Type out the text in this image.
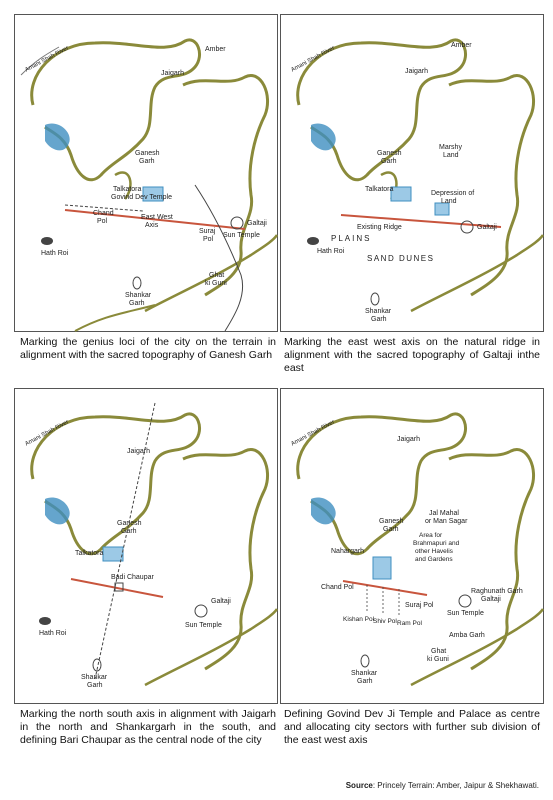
Amani Shah River	Amber
Jaigarh
Ganesh
Garh
Talkatora
Govind Dev Temple
Chand
Pol
East West
Axis
Suraj
Pol
Galtaji
Sun Temple
Hath Roi
Ghat
ki Guni
Shankar
Garh
Marking the genius loci of the city on the terrain in alignment with the sacred topography of Ganesh Garh
Amani Shah River	Amber
Jaigarh
Ganesh
Garh
Marshy
Land
Talkatora
Depression of
Land
Existing Ridge
PLAINS
SAND DUNES
Galtaji
Hath Roi
Shankar
Garh
Marking the east west axis on the natural ridge in alignment with the sacred topography of Galtaji inthe east
Amani Shah River
Jaigarh
Ganesh
Garh
Talkatora
Badi Chaupar
Galtaji
Sun Temple
Hath Roi
Shankar
Garh
Marking the north south axis in alignment with Jaigarh in the north and Shankargarh in the south, and defining Bari Chaupar as the central node of the city
Amani Shah River	Jaigarh
Jal Mahal
or Man Sagar
Ganesh
Garh
Area for
Brahmapuri and
other Havelis
and Gardens
Nahargarh
Chand Pol
Suraj Pol
Kishan Pol
Shiv Pol Ram Pol
Raghunath Garh
Galtaji
Sun Temple
Amba Garh
Ghat
ki Guni
Shankar
Garh
Defining Govind Dev Ji Temple and Palace as centre and allocating city sectors with further sub division of the east west axis
Source: Princely Terrain: Amber, Jaipur & Shekhawati.
